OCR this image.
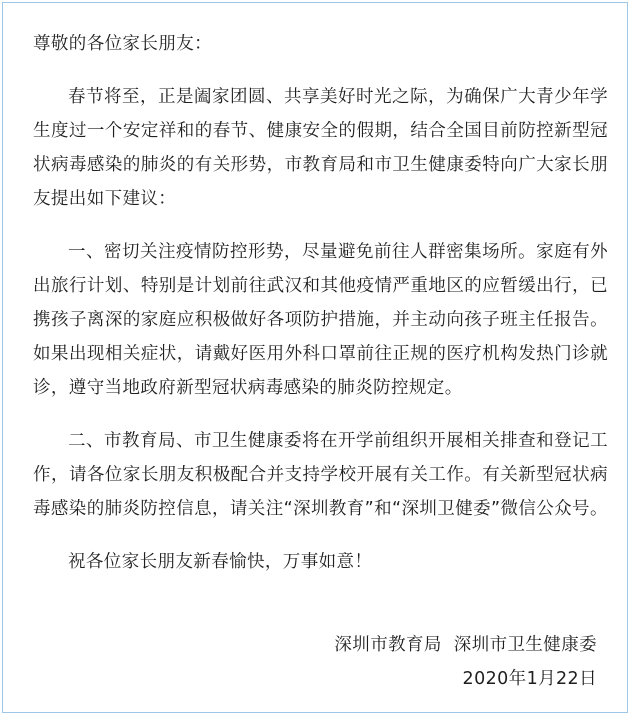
尊敬的各位家长朋友：

春节将至，正是阖家团圆、共享美好时光之际，为确保广大青少年学生度过一个安定祥和的春节、健康安全的假期，结合全国目前防控新型冠状病毒感染的肺炎的有关形势，市教育局和市卫生健康委特向广大家长朋友提出如下建议：

一、密切关注疫情防控形势，尽量避免前往人群密集场所。家庭有外出旅行计划、特别是计划前往武汉和其他疫情严重地区的应暂缓出行，已携孩子离深的家庭应积极做好各项防护措施，并主动向孩子班主任报告。如果出现相关症状，请戴好医用外科口罩前往正规的医疗机构发热门诊就诊，遵守当地政府新型冠状病毒感染的肺炎防控规定。

二、市教育局、市卫生健康委将在开学前组织开展相关排查和登记工作，请各位家长朋友积极配合并支持学校开展有关工作。有关新型冠状病毒感染的肺炎防控信息，请关注“深圳教育”和“深圳卫健委”微信公众号。

祝各位家长朋友新春愉快，万事如意！

深圳市教育局 深圳市卫生健康委
2020年1月22日
